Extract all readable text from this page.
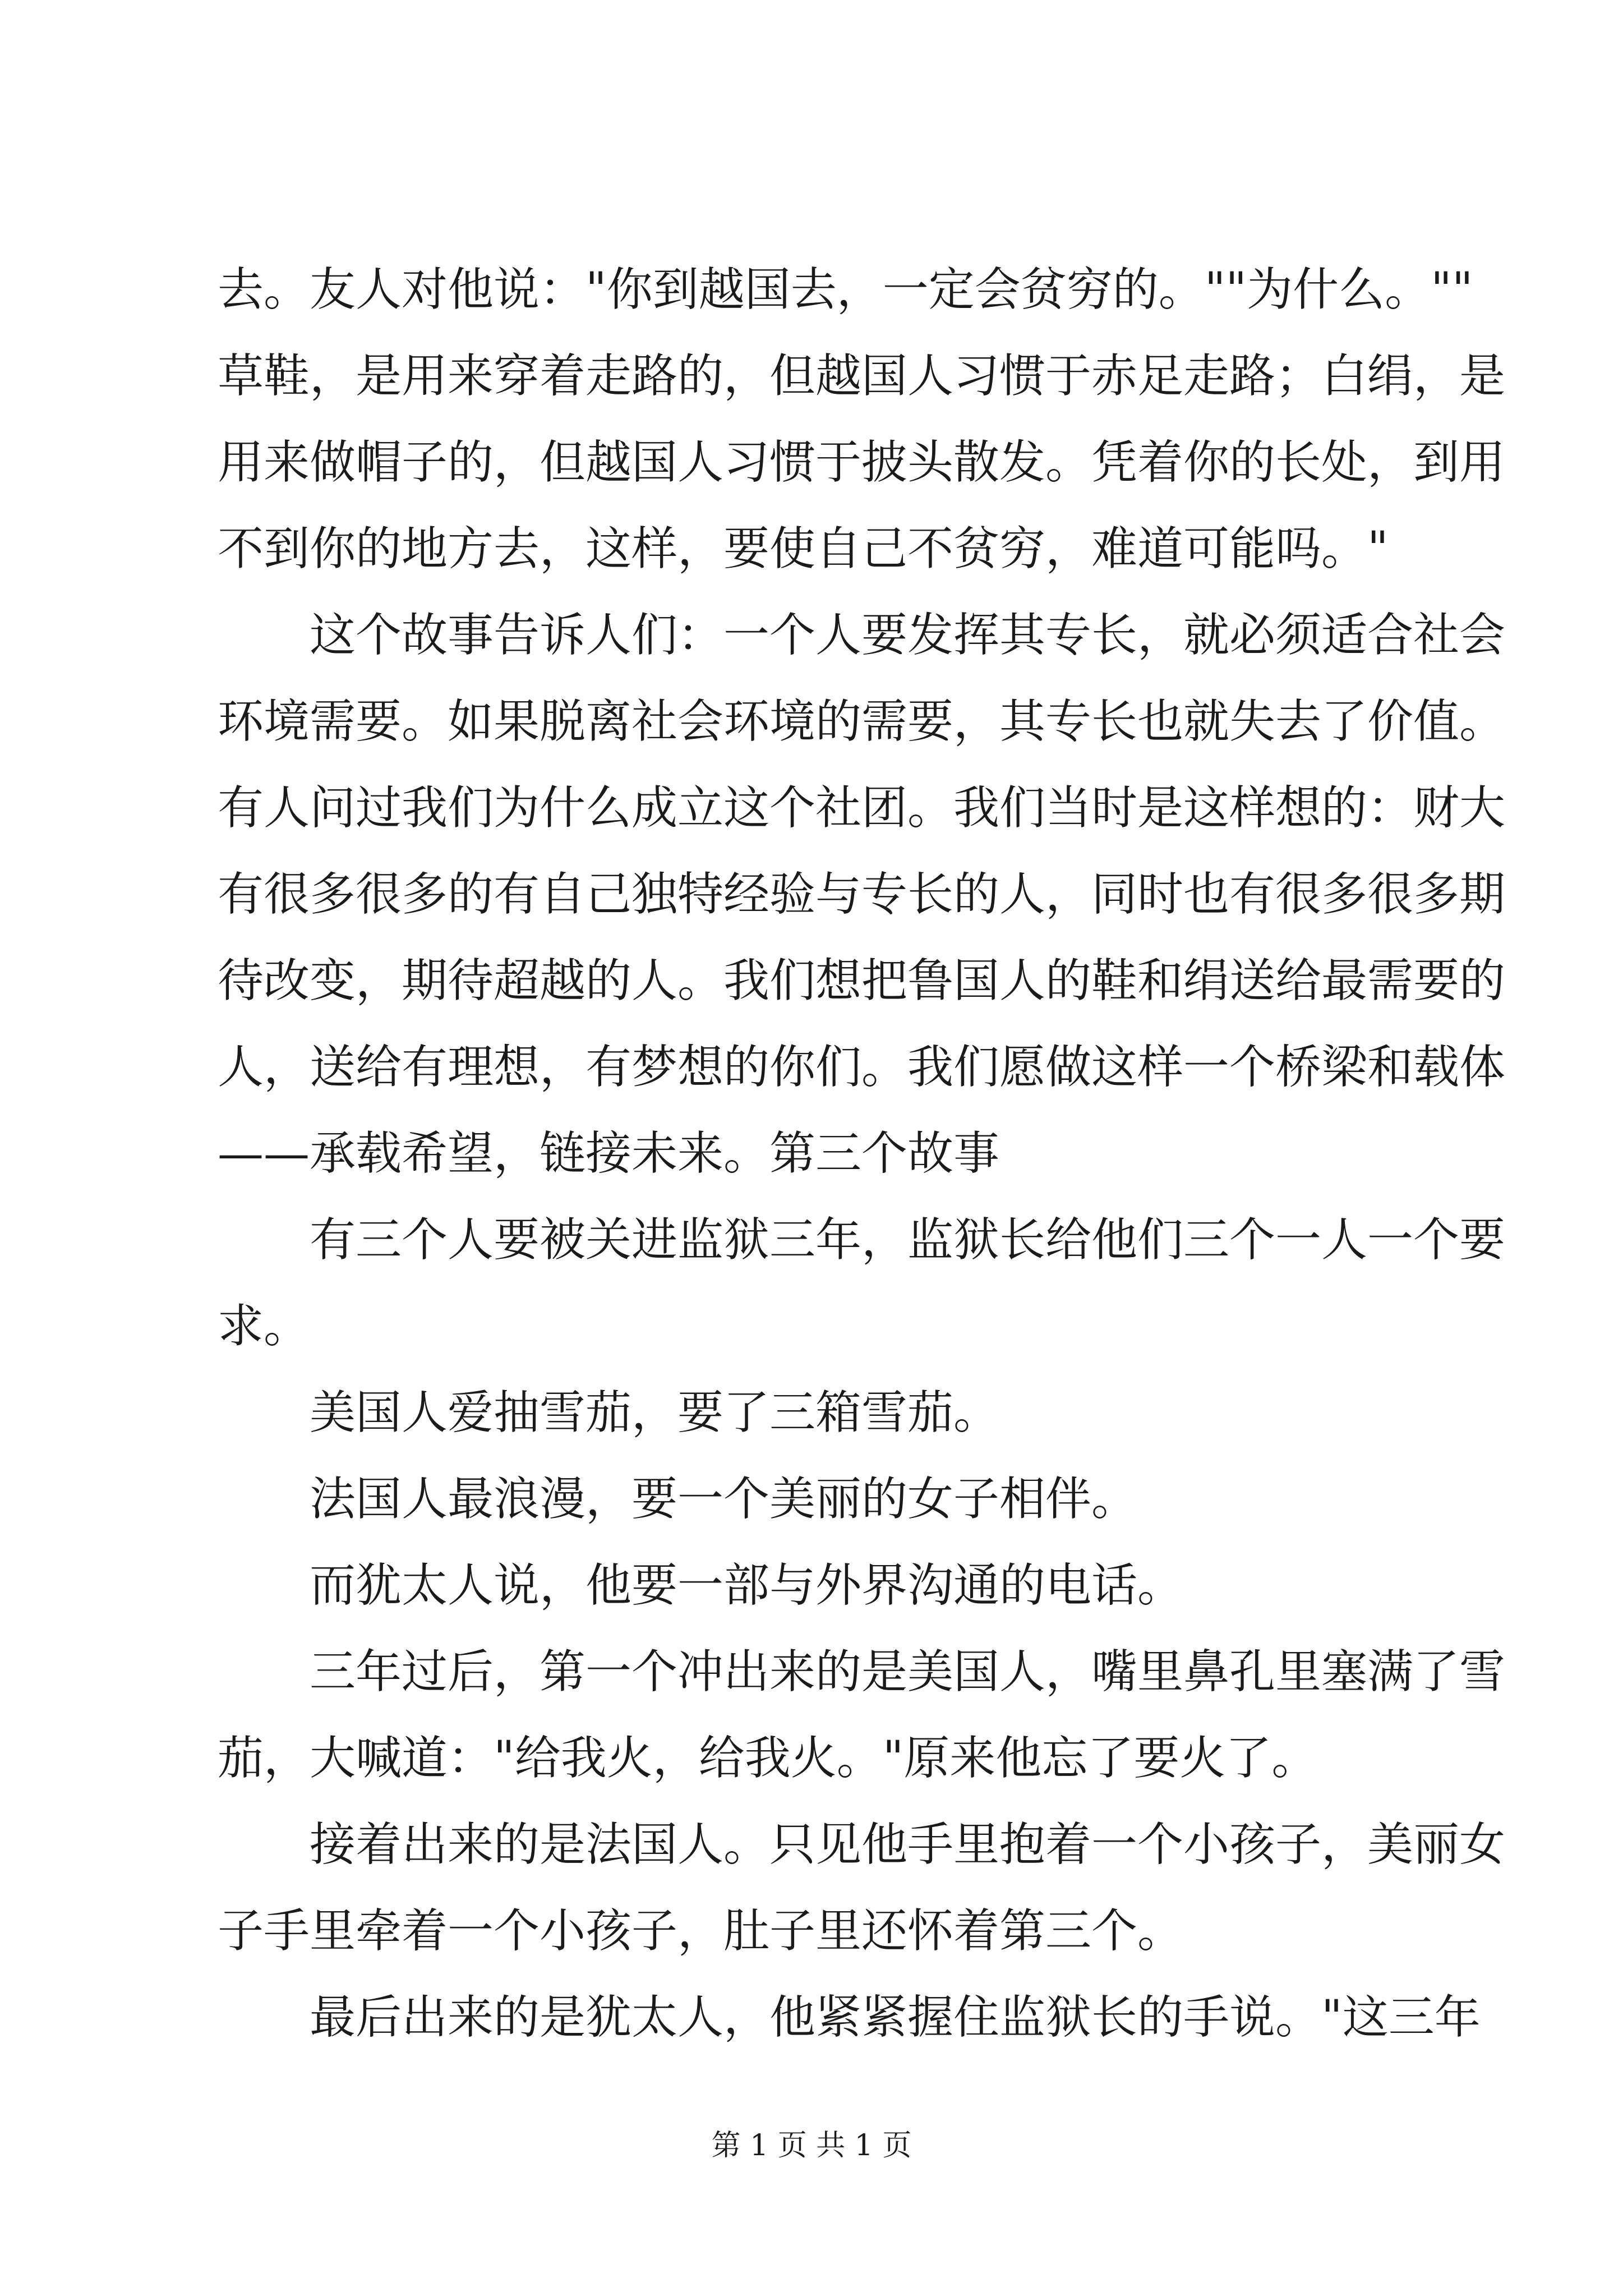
去。友人对他说："你到越国去，一定会贫穷的。""为什么。""
草鞋，是用来穿着走路的，但越国人习惯于赤足走路；白绢，是
用来做帽子的，但越国人习惯于披头散发。凭着你的长处，到用
不到你的地方去，这样，要使自己不贫穷，难道可能吗。"
这个故事告诉人们：一个人要发挥其专长，就必须适合社会
环境需要。如果脱离社会环境的需要，其专长也就失去了价值。
有人问过我们为什么成立这个社团。我们当时是这样想的：财大
有很多很多的有自己独特经验与专长的人，同时也有很多很多期
待改变，期待超越的人。我们想把鲁国人的鞋和绢送给最需要的
人，送给有理想，有梦想的你们。我们愿做这样一个桥梁和载体
——承载希望，链接未来。第三个故事
有三个人要被关进监狱三年，监狱长给他们三个一人一个要
求。
美国人爱抽雪茄，要了三箱雪茄。
法国人最浪漫，要一个美丽的女子相伴。
而犹太人说，他要一部与外界沟通的电话。
三年过后，第一个冲出来的是美国人，嘴里鼻孔里塞满了雪
茄，大喊道："给我火，给我火。"原来他忘了要火了。
接着出来的是法国人。只见他手里抱着一个小孩子，美丽女
子手里牵着一个小孩子，肚子里还怀着第三个。
最后出来的是犹太人，他紧紧握住监狱长的手说。"这三年
第 1 页 共 1 页
